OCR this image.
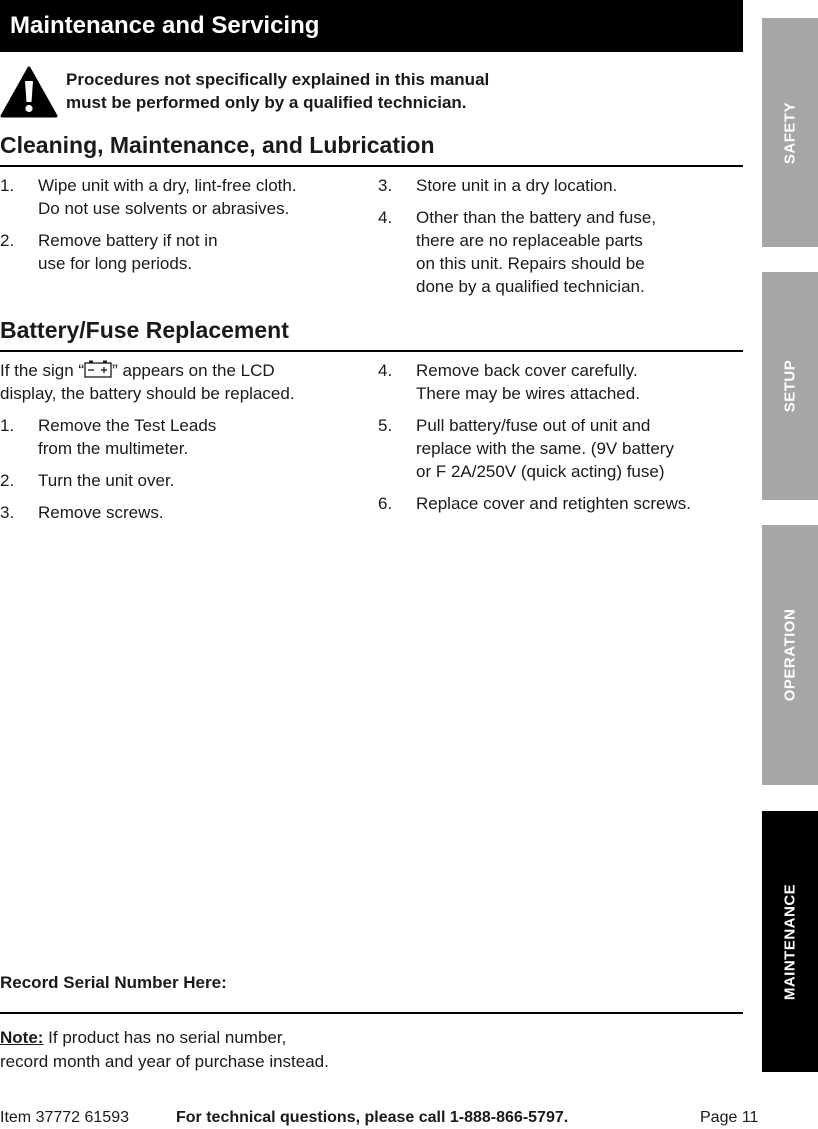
Maintenance and Servicing
Procedures not specifically explained in this manual
must be performed only by a qualified technician.
Cleaning, Maintenance, and Lubrication
1. Wipe unit with a dry, lint-free cloth.
Do not use solvents or abrasives.
2. Remove battery if not in
use for long periods.
3. Store unit in a dry location.
4. Other than the battery and fuse,
there are no replaceable parts
on this unit. Repairs should be
done by a qualified technician.
Battery/Fuse Replacement
If the sign “ ” appears on the LCD
display, the battery should be replaced.
1. Remove the Test Leads
from the multimeter.
2. Turn the unit over.
3. Remove screws.
4. Remove back cover carefully.
There may be wires attached.
5. Pull battery/fuse out of unit and
replace with the same. (9V battery
or F 2A/250V (quick acting) fuse)
6. Replace cover and retighten screws.
Record Serial Number Here:
Note: If product has no serial number,
record month and year of purchase instead.
Item 37772 61593	For technical questions, please call 1-888-866-5797.	Page 11
SAFETY
SETUP
OPERATION
MAINTENANCE
